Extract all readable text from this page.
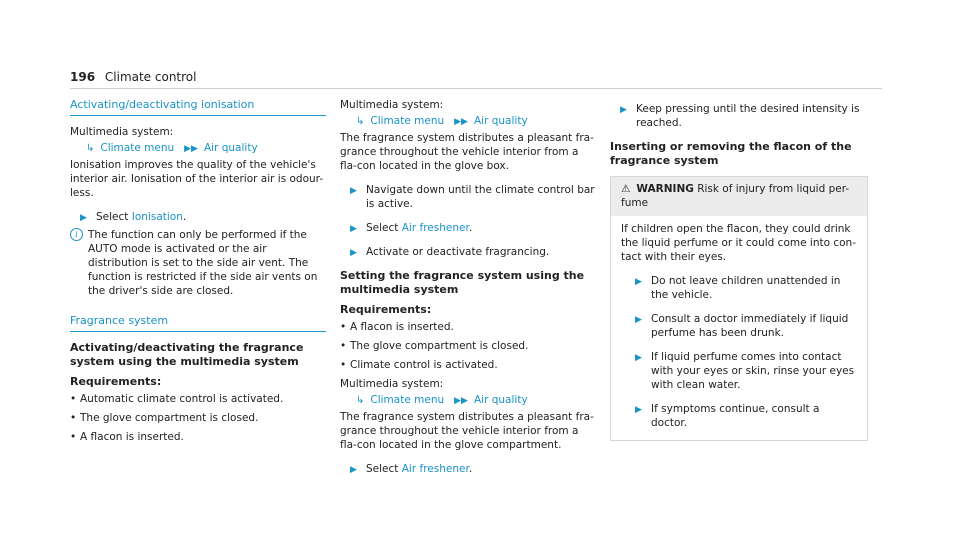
196 Climate control
Activating/deactivating ionisation

Multimedia system:

↳ Climate menu ▶▶ Air quality

Ionisation improves the quality of the vehicle's interior air. Ionisation of the interior air is odour-less.

▶ Select Ionisation.
i The function can only be performed if the AUTO mode is activated or the air distribution is set to the side air vent. The function is restricted if the side air vents on the driver's side are closed.
Fragrance system
Activating/deactivating the fragrance system using the multimedia system
Requirements:
• Automatic climate control is activated.
• The glove compartment is closed.
• A flacon is inserted.

Multimedia system:

↳ Climate menu ▶▶ Air quality

The fragrance system distributes a pleasant fra-grance throughout the vehicle interior from a fla-con located in the glove box.

▶ Navigate down until the climate control bar is active.
▶ Select Air freshener.
▶ Activate or deactivate fragrancing.
Setting the fragrance system using the multimedia system
Requirements:
• A flacon is inserted.
• The glove compartment is closed.
• Climate control is activated.

Multimedia system:

↳ Climate menu ▶▶ Air quality

The fragrance system distributes a pleasant fra-grance throughout the vehicle interior from a fla-con located in the glove compartment.

▶ Select Air freshener.
▶ Keep pressing until the desired intensity is reached.
Inserting or removing the flacon of the fragrance system
⚠ WARNING Risk of injury from liquid per-fume

If children open the flacon, they could drink the liquid perfume or it could come into con-tact with their eyes.

▶ Do not leave children unattended in the vehicle.
▶ Consult a doctor immediately if liquid perfume has been drunk.
▶ If liquid perfume comes into contact with your eyes or skin, rinse your eyes with clean water.
▶ If symptoms continue, consult a doctor.
